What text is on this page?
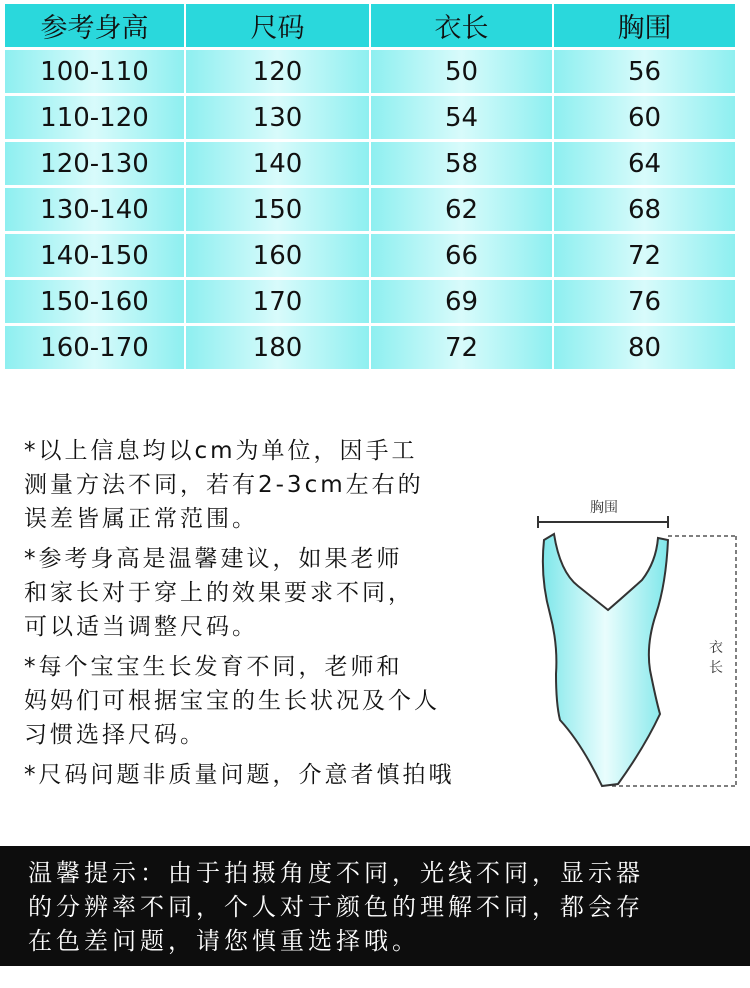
参考身高	尺码	衣长	胸围
100-110	120	50	56
110-120	130	54	60
120-130	140	58	64
130-140	150	62	68
140-150	160	66	72
150-160	170	69	76
160-170	180	72	80

*以上信息均以cm为单位，因手工
测量方法不同，若有2-3cm左右的
误差皆属正常范围。

*参考身高是温馨建议，如果老师
和家长对于穿上的效果要求不同，
可以适当调整尺码。

*每个宝宝生长发育不同，老师和
妈妈们可根据宝宝的生长状况及个人
习惯选择尺码。

*尺码问题非质量问题，介意者慎拍哦

胸围
衣
长
温馨提示：由于拍摄角度不同，光线不同，显示器
的分辨率不同，个人对于颜色的理解不同，都会存
在色差问题，请您慎重选择哦。
